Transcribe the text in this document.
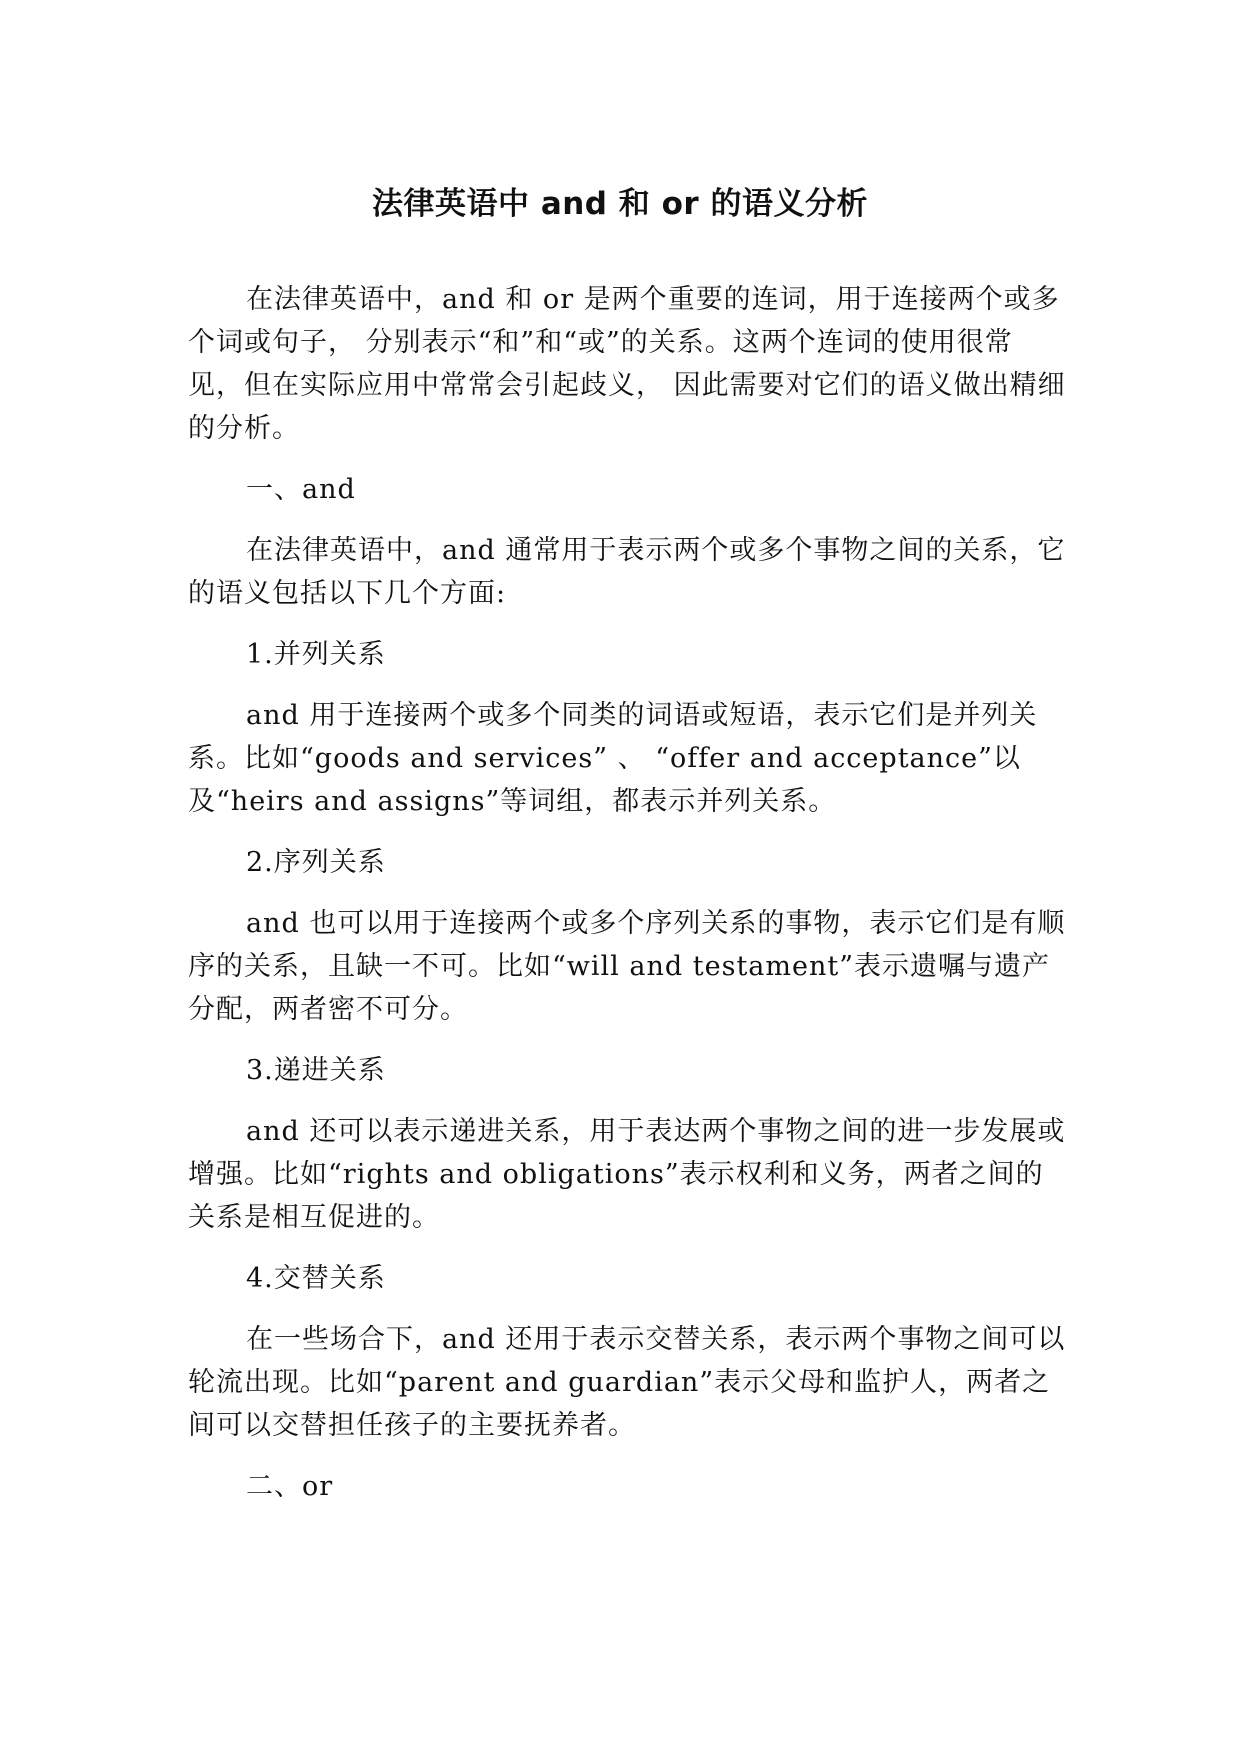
法律英语中 and 和 or 的语义分析

在法律英语中，and 和 or 是两个重要的连词，用于连接两个或多个词或句子， 分别表示“和”和“或”的关系。这两个连词的使用很常见，但在实际应用中常常会引起歧义， 因此需要对它们的语义做出精细的分析。

一、and

在法律英语中，and 通常用于表示两个或多个事物之间的关系，它的语义包括以下几个方面:

1.并列关系

and 用于连接两个或多个同类的词语或短语，表示它们是并列关系。比如“goods and services” 、 “offer and acceptance”以及“heirs and assigns”等词组，都表示并列关系。

2.序列关系

and 也可以用于连接两个或多个序列关系的事物，表示它们是有顺序的关系，且缺一不可。比如“will and testament”表示遗嘱与遗产分配，两者密不可分。

3.递进关系

and 还可以表示递进关系，用于表达两个事物之间的进一步发展或增强。比如“rights and obligations”表示权利和义务，两者之间的关系是相互促进的。

4.交替关系

在一些场合下，and 还用于表示交替关系，表示两个事物之间可以轮流出现。比如“parent and guardian”表示父母和监护人，两者之间可以交替担任孩子的主要抚养者。

二、or
